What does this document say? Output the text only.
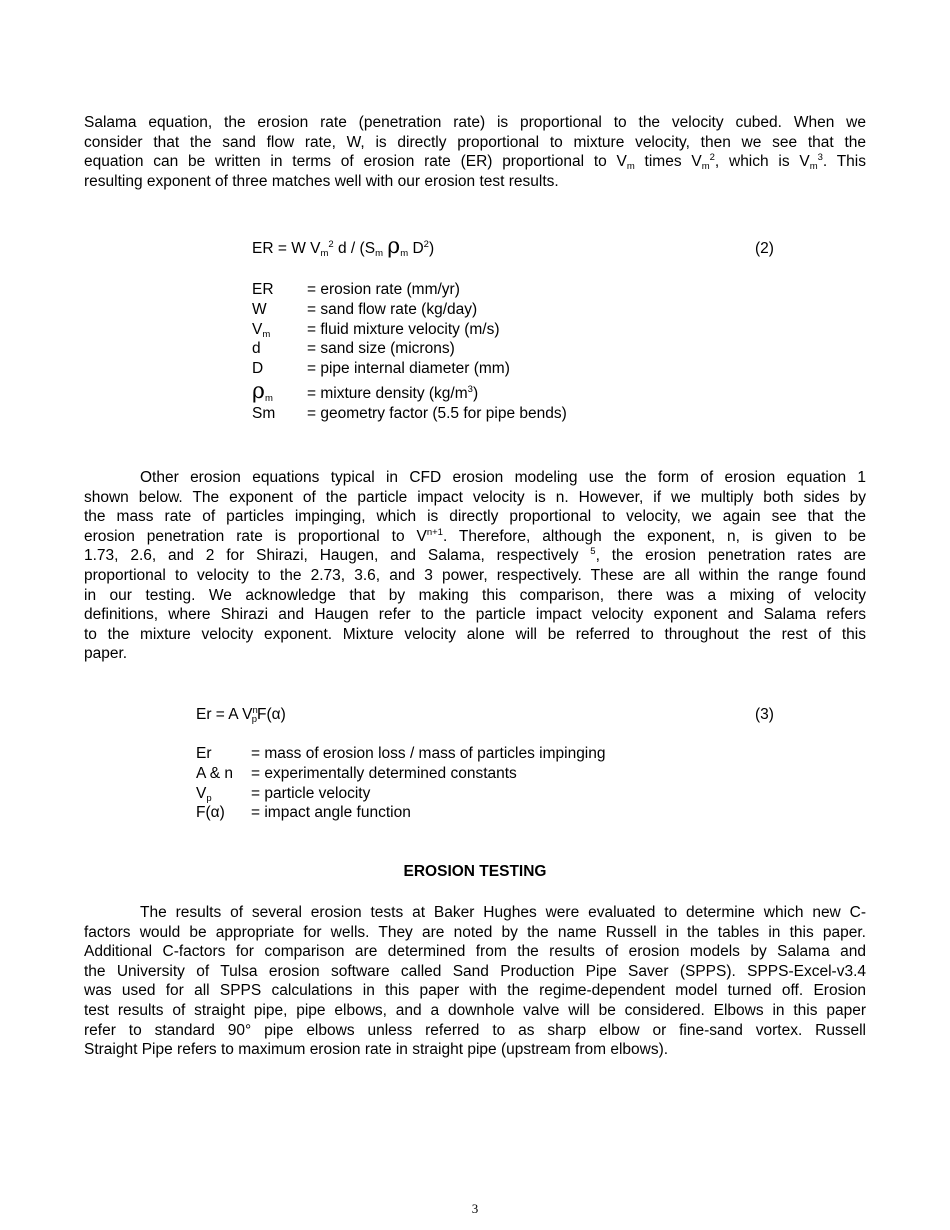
Salama equation, the erosion rate (penetration rate) is proportional to the velocity cubed. When we
consider that the sand flow rate, W, is directly proportional to mixture velocity, then we see that the
equation can be written in terms of erosion rate (ER) proportional to $V_m$ times $V_m^2$, which is $V_m^3$. This
resulting exponent of three matches well with our erosion test results.
ER = W $V_m^2$ d / ($S_m$ $\rho_m$ $D^2$)	(2)
ER	= erosion rate (mm/yr)
W	= sand flow rate (kg/day)
$V_m$	= fluid mixture velocity (m/s)
d	= sand size (microns)
D	= pipe internal diameter (mm)
$\rho_m$	= mixture density $(kg/m^3)$
Sm	= geometry factor (5.5 for pipe bends)
Other erosion equations typical in CFD erosion modeling use the form of erosion equation 1
shown below. The exponent of the particle impact velocity is n. However, if we multiply both sides by
the mass rate of particles impinging, which is directly proportional to velocity, we again see that the
erosion penetration rate is proportional to $V^{n+1}$. Therefore, although the exponent, n, is given to be
1.73, 2.6, and 2 for Shirazi, Haugen, and Salama, respectively $^5$, the erosion penetration rates are
proportional to velocity to the 2.73, 3.6, and 3 power, respectively. These are all within the range found
in our testing. We acknowledge that by making this comparison, there was a mixing of velocity
definitions, where Shirazi and Haugen refer to the particle impact velocity exponent and Salama refers
to the mixture velocity exponent. Mixture velocity alone will be referred to throughout the rest of this
paper.
Er = A $V^n_pF(\alpha)$	(3)
Er	= mass of erosion loss / mass of particles impinging
A & n	= experimentally determined constants
$V_p$	= particle velocity
F(α)	= impact angle function
EROSION TESTING
The results of several erosion tests at Baker Hughes were evaluated to determine which new C-
factors would be appropriate for wells. They are noted by the name Russell in the tables in this paper.
Additional C-factors for comparison are determined from the results of erosion models by Salama and
the University of Tulsa erosion software called Sand Production Pipe Saver (SPPS). SPPS-Excel-v3.4
was used for all SPPS calculations in this paper with the regime-dependent model turned off. Erosion
test results of straight pipe, pipe elbows, and a downhole valve will be considered. Elbows in this paper
refer to standard 90° pipe elbows unless referred to as sharp elbow or fine-sand vortex. Russell
Straight Pipe refers to maximum erosion rate in straight pipe (upstream from elbows).
3
